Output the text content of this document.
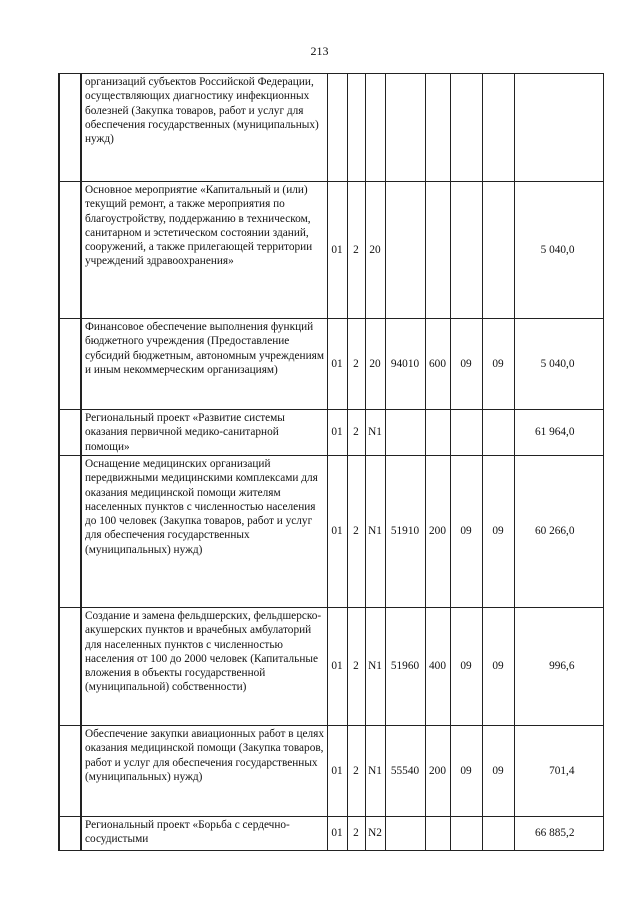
213
	организаций субъектов Российской Федерации, осуществляющих диагностику инфекционных болезней (Закупка товаров, работ и услуг для обеспечения государственных (муниципальных) нужд)								
	Основное мероприятие «Капитальный и (или) текущий ремонт, а также мероприятия по благоустройству, поддержанию в техническом, санитарном и эстетическом состоянии зданий, сооружений, а также прилегающей территории учреждений здравоохранения»	01	2	20					5 040,0
	Финансовое обеспечение выполнения функций бюджетного учреждения (Предоставление субсидий бюджетным, автономным учреждениям и иным некоммерческим организациям)	01	2	20	94010	600	09	09	5 040,0
	Региональный проект «Развитие системы оказания первичной медико-санитарной помощи»	01	2	N1					61 964,0
	Оснащение медицинских организаций передвижными медицинскими комплексами для оказания медицинской помощи жителям населенных пунктов с численностью населения до 100 человек (Закупка товаров, работ и услуг для обеспечения государственных (муниципальных) нужд)	01	2	N1	51910	200	09	09	60 266,0
	Создание и замена фельдшерских, фельдшерско-акушерских пунктов и врачебных амбулаторий для населенных пунктов с численностью населения от 100 до 2000 человек (Капитальные вложения в объекты государственной (муниципальной) собственности)	01	2	N1	51960	400	09	09	996,6
	Обеспечение закупки авиационных работ в целях оказания медицинской помощи (Закупка товаров, работ и услуг для обеспечения государственных (муниципальных) нужд)	01	2	N1	55540	200	09	09	701,4
	Региональный проект «Борьба с сердечно-сосудистыми	01	2	N2					66 885,2
